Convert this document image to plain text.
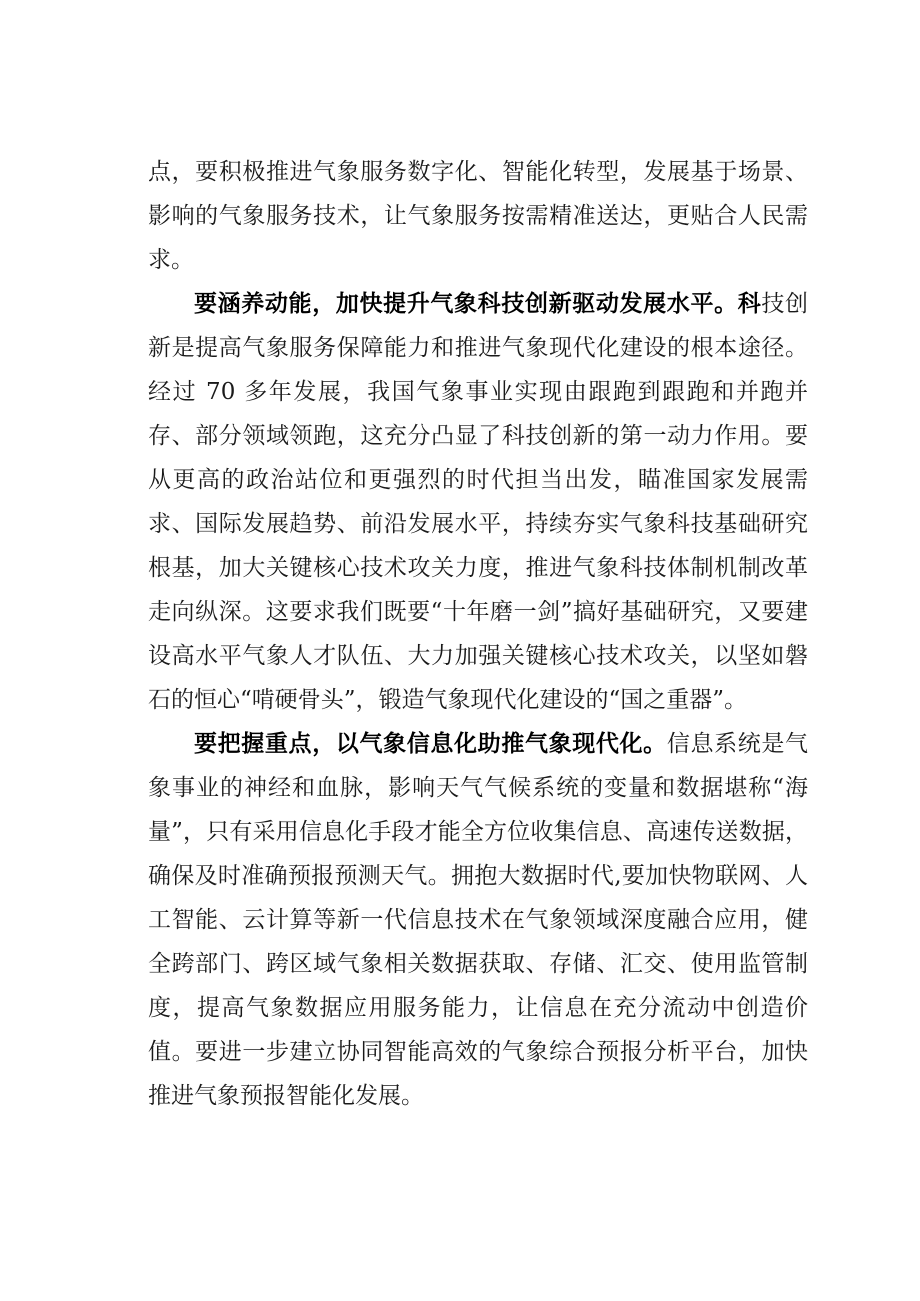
点，要积极推进气象服务数字化、智能化转型，发展基于场景、影响的气象服务技术，让气象服务按需精准送达，更贴合人民需求。

要涵养动能，加快提升气象科技创新驱动发展水平。科技创新是提高气象服务保障能力和推进气象现代化建设的根本途径。经过 70 多年发展，我国气象事业实现由跟跑到跟跑和并跑并存、部分领域领跑，这充分凸显了科技创新的第一动力作用。要从更高的政治站位和更强烈的时代担当出发，瞄准国家发展需求、国际发展趋势、前沿发展水平，持续夯实气象科技基础研究根基，加大关键核心技术攻关力度，推进气象科技体制机制改革走向纵深。这要求我们既要“十年磨一剑”搞好基础研究，又要建设高水平气象人才队伍、大力加强关键核心技术攻关，以坚如磐石的恒心“啃硬骨头”，锻造气象现代化建设的“国之重器”。

要把握重点，以气象信息化助推气象现代化。信息系统是气象事业的神经和血脉，影响天气气候系统的变量和数据堪称“海量”，只有采用信息化手段才能全方位收集信息、高速传送数据，确保及时准确预报预测天气。拥抱大数据时代,要加快物联网、人工智能、云计算等新一代信息技术在气象领域深度融合应用，健全跨部门、跨区域气象相关数据获取、存储、汇交、使用监管制度，提高气象数据应用服务能力，让信息在充分流动中创造价值。要进一步建立协同智能高效的气象综合预报分析平台，加快推进气象预报智能化发展。
